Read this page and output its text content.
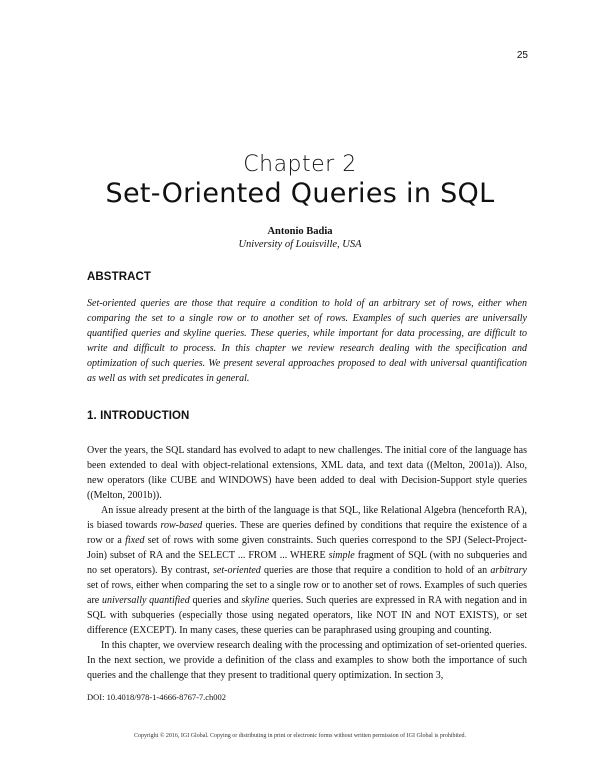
25
Chapter 2
Set-Oriented Queries in SQL
Antonio Badia
University of Louisville, USA
ABSTRACT
Set-oriented queries are those that require a condition to hold of an arbitrary set of rows, either when comparing the set to a single row or to another set of rows. Examples of such queries are universally quantified queries and skyline queries. These queries, while important for data processing, are difficult to write and difficult to process. In this chapter we review research dealing with the specification and optimization of such queries. We present several approaches proposed to deal with universal quantification as well as with set predicates in general.
1. INTRODUCTION

Over the years, the SQL standard has evolved to adapt to new challenges. The initial core of the language has been extended to deal with object-relational extensions, XML data, and text data ((Melton, 2001a)). Also, new operators (like CUBE and WINDOWS) have been added to deal with Decision-Support style queries ((Melton, 2001b)).

An issue already present at the birth of the language is that SQL, like Relational Algebra (henceforth RA), is biased towards row-based queries. These are queries defined by conditions that require the existence of a row or a fixed set of rows with some given constraints. Such queries correspond to the SPJ (Select-Project-Join) subset of RA and the SELECT ... FROM ... WHERE simple fragment of SQL (with no subqueries and no set operators). By contrast, set-oriented queries are those that require a condition to hold of an arbitrary set of rows, either when comparing the set to a single row or to another set of rows. Examples of such queries are universally quantified queries and skyline queries. Such queries are expressed in RA with negation and in SQL with subqueries (especially those using negated operators, like NOT IN and NOT EXISTS), or set difference (EXCEPT). In many cases, these queries can be paraphrased using grouping and counting.

In this chapter, we overview research dealing with the processing and optimization of set-oriented queries. In the next section, we provide a definition of the class and examples to show both the importance of such queries and the challenge that they present to traditional query optimization. In section 3,

DOI: 10.4018/978-1-4666-8767-7.ch002
Copyright © 2016, IGI Global. Copying or distributing in print or electronic forms without written permission of IGI Global is prohibited.
